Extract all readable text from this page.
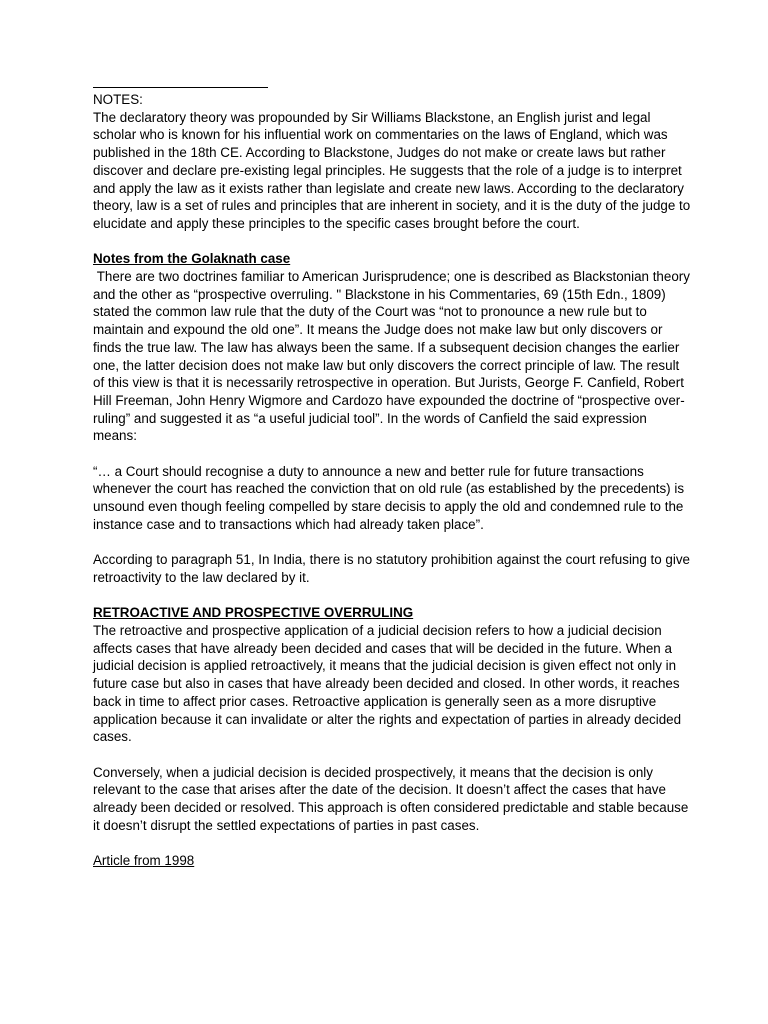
NOTES:

The declaratory theory was propounded by Sir Williams Blackstone, an English jurist and legal scholar who is known for his influential work on commentaries on the laws of England, which was published in the 18th CE. According to Blackstone, Judges do not make or create laws but rather discover and declare pre-existing legal principles. He suggests that the role of a judge is to interpret and apply the law as it exists rather than legislate and create new laws. According to the declaratory theory, law is a set of rules and principles that are inherent in society, and it is the duty of the judge to elucidate and apply these principles to the specific cases brought before the court.

Notes from the Golaknath case

There are two doctrines familiar to American Jurisprudence; one is described as Blackstonian theory and the other as “prospective overruling. " Blackstone in his Commentaries, 69 (15th Edn., 1809) stated the common law rule that the duty of the Court was “not to pronounce a new rule but to maintain and expound the old one”. It means the Judge does not make law but only discovers or finds the true law. The law has always been the same. If a subsequent decision changes the earlier one, the latter decision does not make law but only discovers the correct principle of law. The result of this view is that it is necessarily retrospective in operation. But Jurists, George F. Canfield, Robert Hill Freeman, John Henry Wigmore and Cardozo have expounded the doctrine of “prospective over-ruling” and suggested it as “a useful judicial tool”. In the words of Canfield the said expression means:

“… a Court should recognise a duty to announce a new and better rule for future transactions whenever the court has reached the conviction that on old rule (as established by the precedents) is unsound even though feeling compelled by stare decisis to apply the old and condemned rule to the instance case and to transactions which had already taken place”.

According to paragraph 51, In India, there is no statutory prohibition against the court refusing to give retroactivity to the law declared by it.

RETROACTIVE AND PROSPECTIVE OVERRULING

The retroactive and prospective application of a judicial decision refers to how a judicial decision affects cases that have already been decided and cases that will be decided in the future. When a judicial decision is applied retroactively, it means that the judicial decision is given effect not only in future case but also in cases that have already been decided and closed. In other words, it reaches back in time to affect prior cases. Retroactive application is generally seen as a more disruptive application because it can invalidate or alter the rights and expectation of parties in already decided cases.

Conversely, when a judicial decision is decided prospectively, it means that the decision is only relevant to the case that arises after the date of the decision. It doesn’t affect the cases that have already been decided or resolved. This approach is often considered predictable and stable because it doesn’t disrupt the settled expectations of parties in past cases.

Article from 1998
